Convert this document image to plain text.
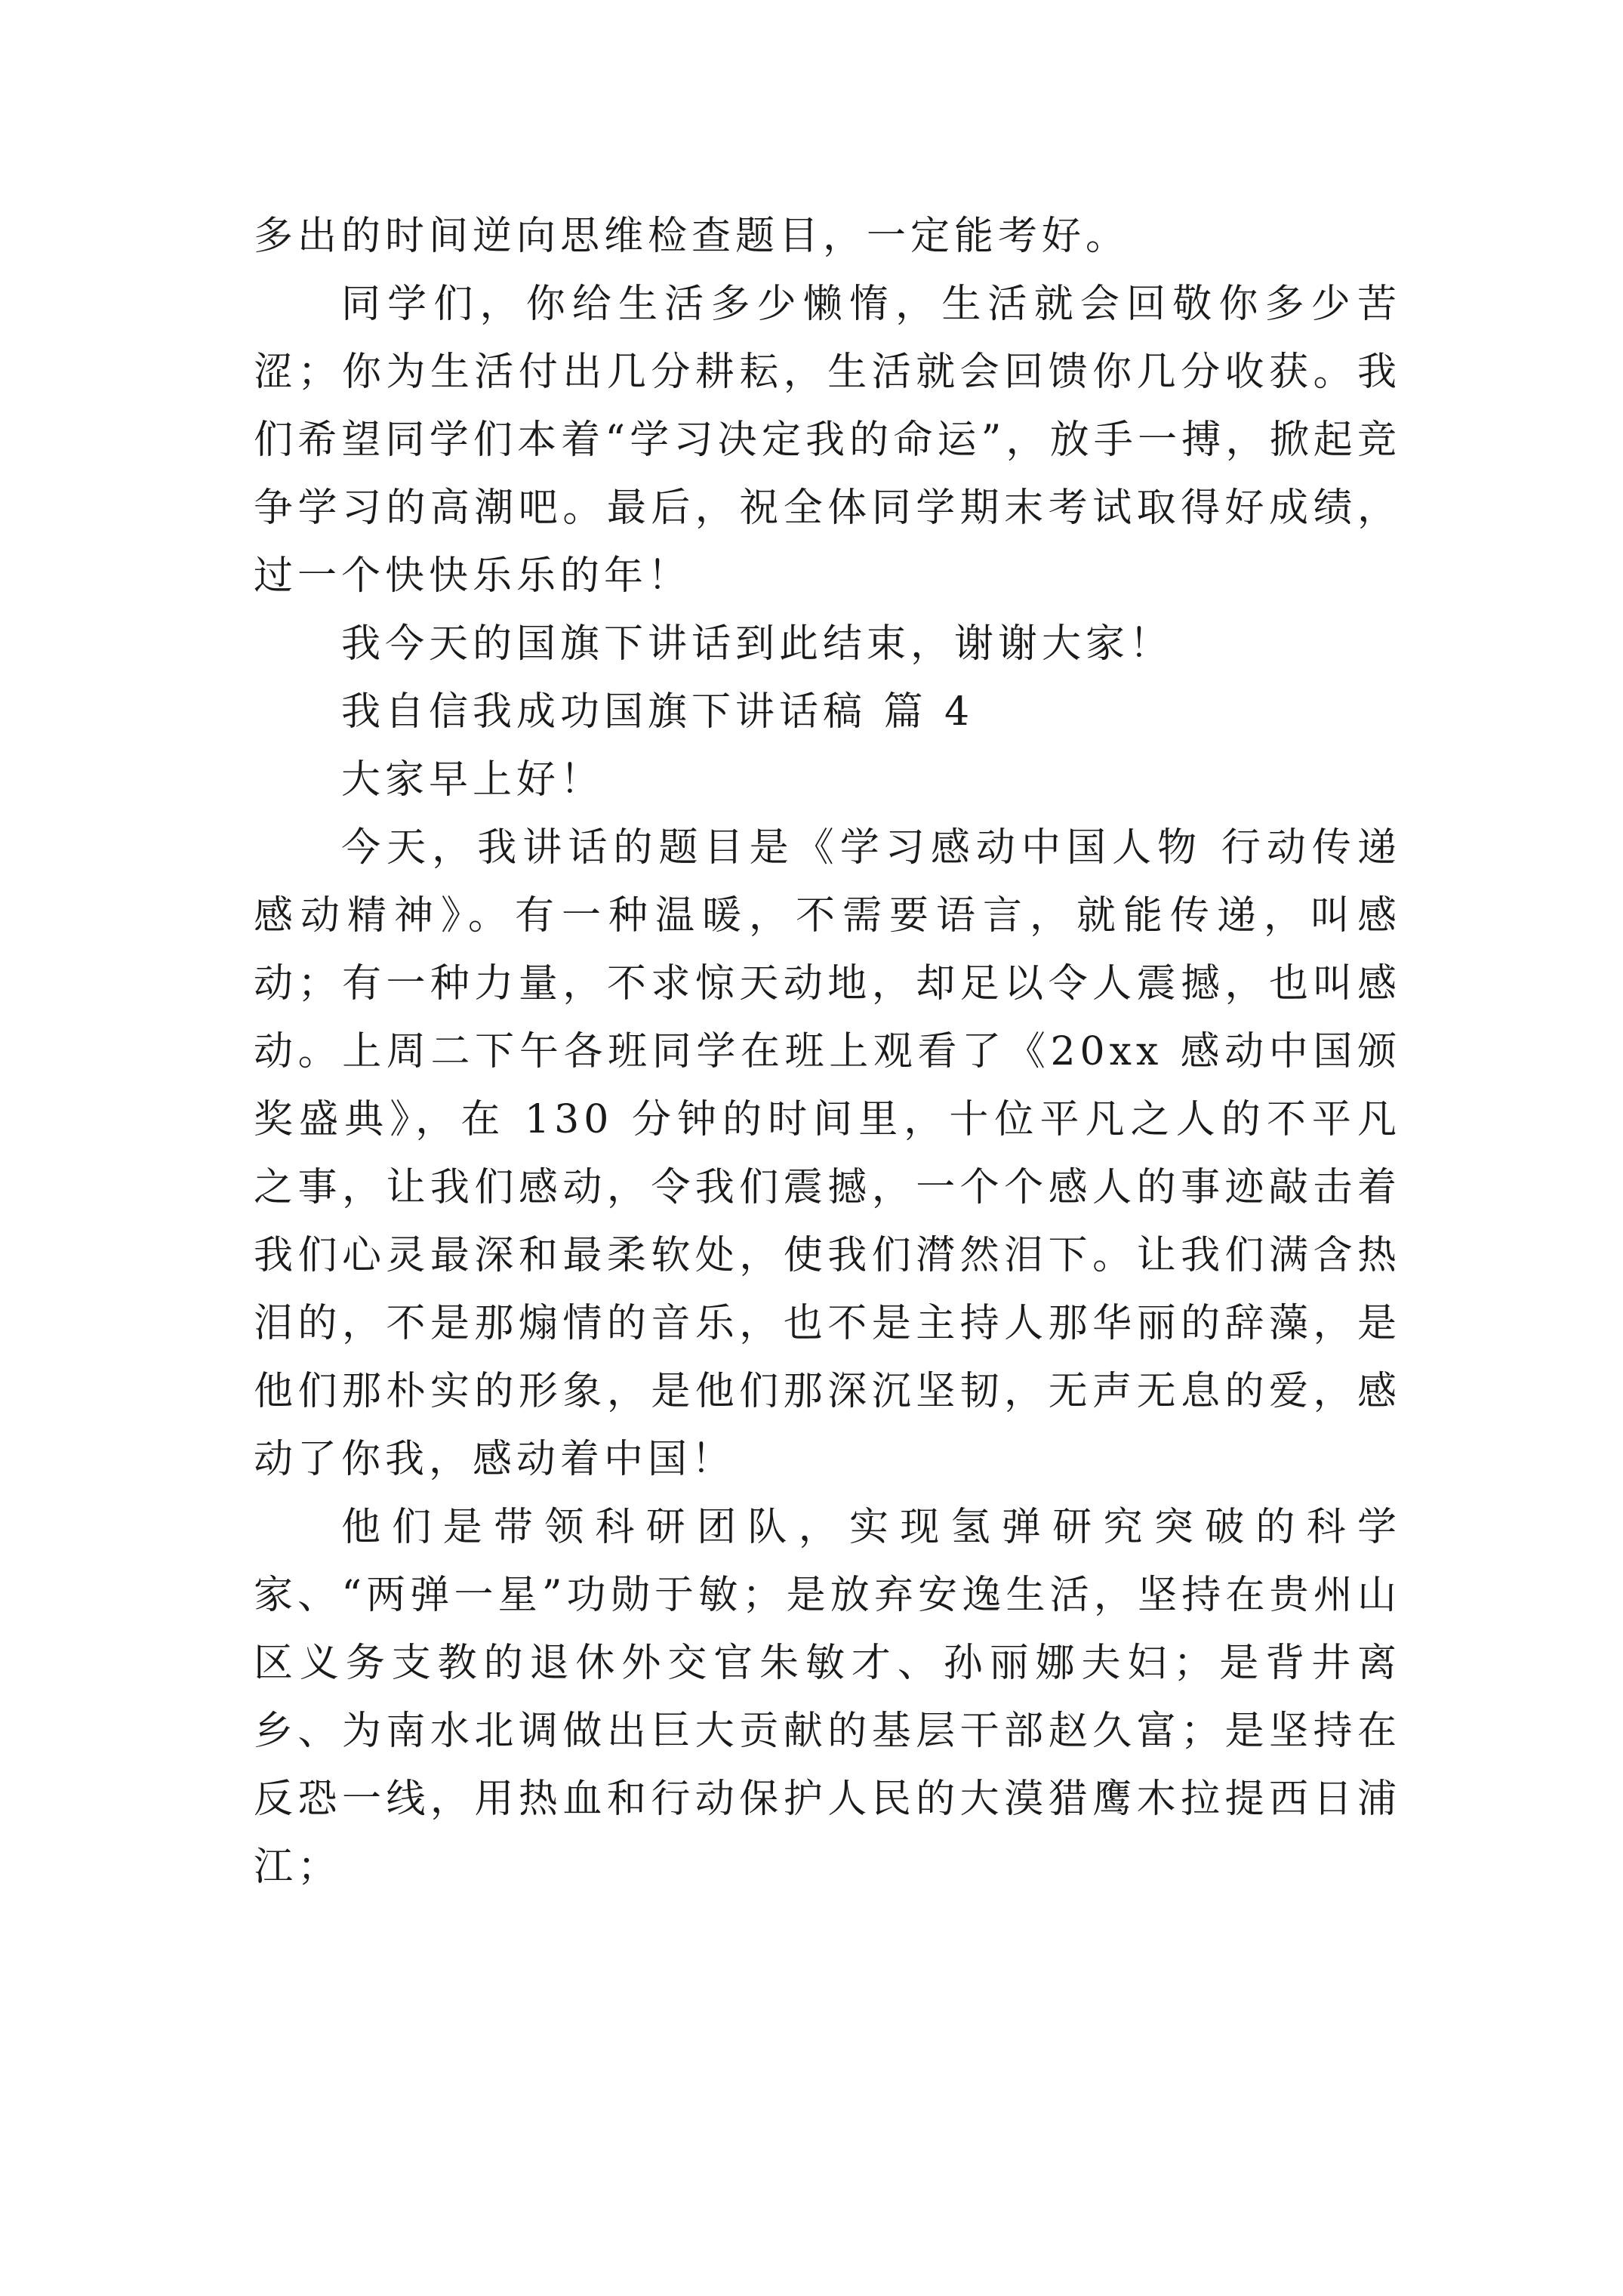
多出的时间逆向思维检查题目，一定能考好。

同学们，你给生活多少懒惰，生活就会回敬你多少苦涩；你为生活付出几分耕耘，生活就会回馈你几分收获。我们希望同学们本着“学习决定我的命运”，放手一搏，掀起竞争学习的高潮吧。最后，祝全体同学期末考试取得好成绩，过一个快快乐乐的年！

我今天的国旗下讲话到此结束，谢谢大家！

我自信我成功国旗下讲话稿 篇 4

大家早上好！

今天，我讲话的题目是《学习感动中国人物 行动传递感动精神》。有一种温暖，不需要语言，就能传递，叫感动；有一种力量，不求惊天动地，却足以令人震撼，也叫感动。上周二下午各班同学在班上观看了《20xx 感动中国颁奖盛典》，在 130 分钟的时间里，十位平凡之人的不平凡之事，让我们感动，令我们震撼，一个个感人的事迹敲击着我们心灵最深和最柔软处，使我们潸然泪下。让我们满含热泪的，不是那煽情的音乐，也不是主持人那华丽的辞藻，是他们那朴实的形象，是他们那深沉坚韧，无声无息的爱，感动了你我，感动着中国！

他们是带领科研团队，实现氢弹研究突破的科学家、“两弹一星”功勋于敏；是放弃安逸生活，坚持在贵州山区义务支教的退休外交官朱敏才、孙丽娜夫妇；是背井离乡、为南水北调做出巨大贡献的基层干部赵久富；是坚持在反恐一线，用热血和行动保护人民的大漠猎鹰木拉提西日浦江；
